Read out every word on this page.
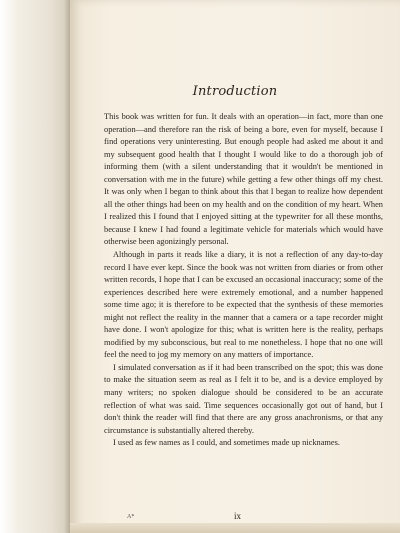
Introduction

This book was written for fun. It deals with an operation—in fact, more than one operation—and therefore ran the risk of being a bore, even for myself, because I find operations very uninteresting. But enough people had asked me about it and my subsequent good health that I thought I would like to do a thorough job of informing them (with a silent understanding that it wouldn't be mentioned in conversation with me in the future) while getting a few other things off my chest. It was only when I began to think about this that I began to realize how dependent all the other things had been on my health and on the condition of my heart. When I realized this I found that I enjoyed sitting at the typewriter for all these months, because I knew I had found a legitimate vehicle for materials which would have otherwise been agonizingly personal.

Although in parts it reads like a diary, it is not a reflection of any day-to-day record I have ever kept. Since the book was not written from diaries or from other written records, I hope that I can be excused an occasional inaccuracy; some of the experiences described here were extremely emotional, and a number happened some time ago; it is therefore to be expected that the synthesis of these memories might not reflect the reality in the manner that a camera or a tape recorder might have done. I won't apologize for this; what is written here is the reality, perhaps modified by my subconscious, but real to me nonetheless. I hope that no one will feel the need to jog my memory on any matters of importance.

I simulated conversation as if it had been transcribed on the spot; this was done to make the situation seem as real as I felt it to be, and is a device employed by many writers; no spoken dialogue should be considered to be an accurate reflection of what was said. Time sequences occasionally got out of hand, but I don't think the reader will find that there are any gross anachronisms, or that any circumstance is substantially altered thereby.

I used as few names as I could, and sometimes made up nicknames.

A*	ix
